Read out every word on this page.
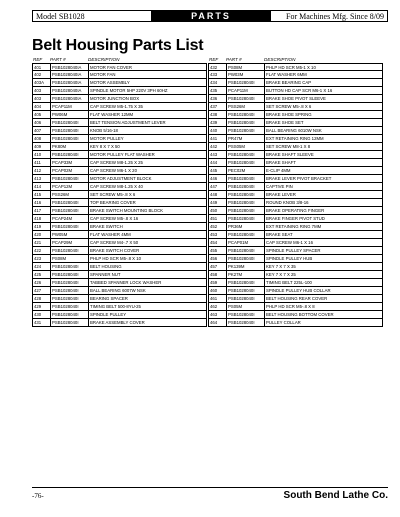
Model SB1028	PARTS	For Machines Mfg. Since 8/09
Belt Housing Parts List
REF	PART #	DESCRIPTION
401	PSB1028040IA	MOTOR FAN COVER
402	PSB1028040IA	MOTOR FAN
403A	PSB1028040IA	MOTOR ASSEMBLY
403	PSB1028040IA	SPINDLE MOTOR 5HP 220V 3PH 60HZ
403	PSB1028040IA	MOTOR JUNCTION BOX
404	PCAP11M	CAP SCREW M5-1.75 X 35
405	PW06M	FLAT WASHER 12MM
406	PSB1028040I	BELT TENSION ADJUSTMENT LEVER
407	PSB1028040I	KNOB 5/16-18
408	PSB1028040I	MOTOR PULLEY
409	PK80M	KEY 8 X 7 X 50
410	PSB1028040I	MOTOR PULLEY FLAT WASHER
411	PCAP33M	CAP SCREW M8-1.25 X 25
412	PCAP02M	CAP SCREW M6-1 X 20
413	PSB1028040I	MOTOR ADJUSTMENT BLOCK
414	PCAP12M	CAP SCREW M8-1.25 X 40
415	PSS26M	SET SCREW M5-.8 X 6
416	PSB1028040I	TOP BEARING COVER
417	PSB1028040I	BRAKE SWITCH MOUNTING BLOCK
418	PCAP24M	CAP SCREW M5-.8 X 16
419	PSB1028040I	BRAKE SWITCH
420	PW05M	FLAT WASHER 4MM
421	PCAP29M	CAP SCREW M4-.7 X 50
422	PSB1028040I	BRAKE SWITCH COVER
423	PS08M	PHLP HD SCR M5-.8 X 10
424	PSB1028040I	BELT HOUSING
425	PSB1028040I	SPANNER NUT
426	PSB1028040I	TABBED SPANNER LOCK WASHER
427	PSB1028040I	BALL BEARING 6007W NSK
428	PSB1028040I	BEARING SPACER
429	PSB1028040I	TIMING BELT 500-8YU-25
430	PSB1028040I	SPINDLE PULLEY
431	PSB1028040I	BRAKE ASSEMBLY COVER
REF	PART #	DESCRIPTION
432	PS08M	PHLP HD SCR M5-1 X 10
433	PW03M	FLAT WASHER 6MM
434	PSB1028040I	BRAKE BEARING CAP
435	PCAP11M	BUTTON HD CAP SCR M6-1 X 16
436	PSB1028040I	BRAKE SHOE PIVOT SLEEVE
437	PSS26M	SET SCREW M5-.8 X 6
438	PSB1028040I	BRAKE SHOE SPRING
439	PSB1028040I	BRAKE SHOE SET
440	PSB1028040I	BALL BEARING 6010W NSK
441	PR47M	EXT RETAINING RING 12MM
442	PSS05M	SET SCREW M8-1 X 8
443	PSB1028040I	BRAKE SHAFT SLEEVE
444	PSB1028040I	BRAKE SHAFT
445	PEC02M	E-CLIP 4MM
446	PSB1028040I	BRAKE LEVER PIVOT BRACKET
447	PSB1028040I	CAPTIVE PIN
448	PSB1028040I	BRAKE LEVER
449	PSB1028040I	ROUND KNOB 3/8-16
450	PSB1028040I	BRAKE OPERATING FINGER
451	PSB1028040I	BRAKE FINGER PIVOT STUD
452	PR36M	EXT RETAINING RING 7MM
453	PSB1028040I	BRAKE SEAT
454	PCAP01M	CAP SCREW M6-1 X 16
455	PSB1028040I	SPINDLE PULLEY SPACER
456	PSB1028040I	SPINDLE PULLEY HUB
457	PK139M	KEY 7 X 7 X 35
458	PK27M	KEY 7 X 7 X 25
459	PSB1028040I	TIMING BELT 225L-100
460	PSB1028040I	SPINDLE PULLEY HUB COLLAR
461	PSB1028040I	BELT HOUSING REAR COVER
462	PS05M	PHLP HD SCR M5-.8 X 8
463	PSB1028040I	BELT HOUSING BOTTOM COVER
464	PSB1028040I	PULLEY COLLAR
-76-	South Bend Lathe Co.
